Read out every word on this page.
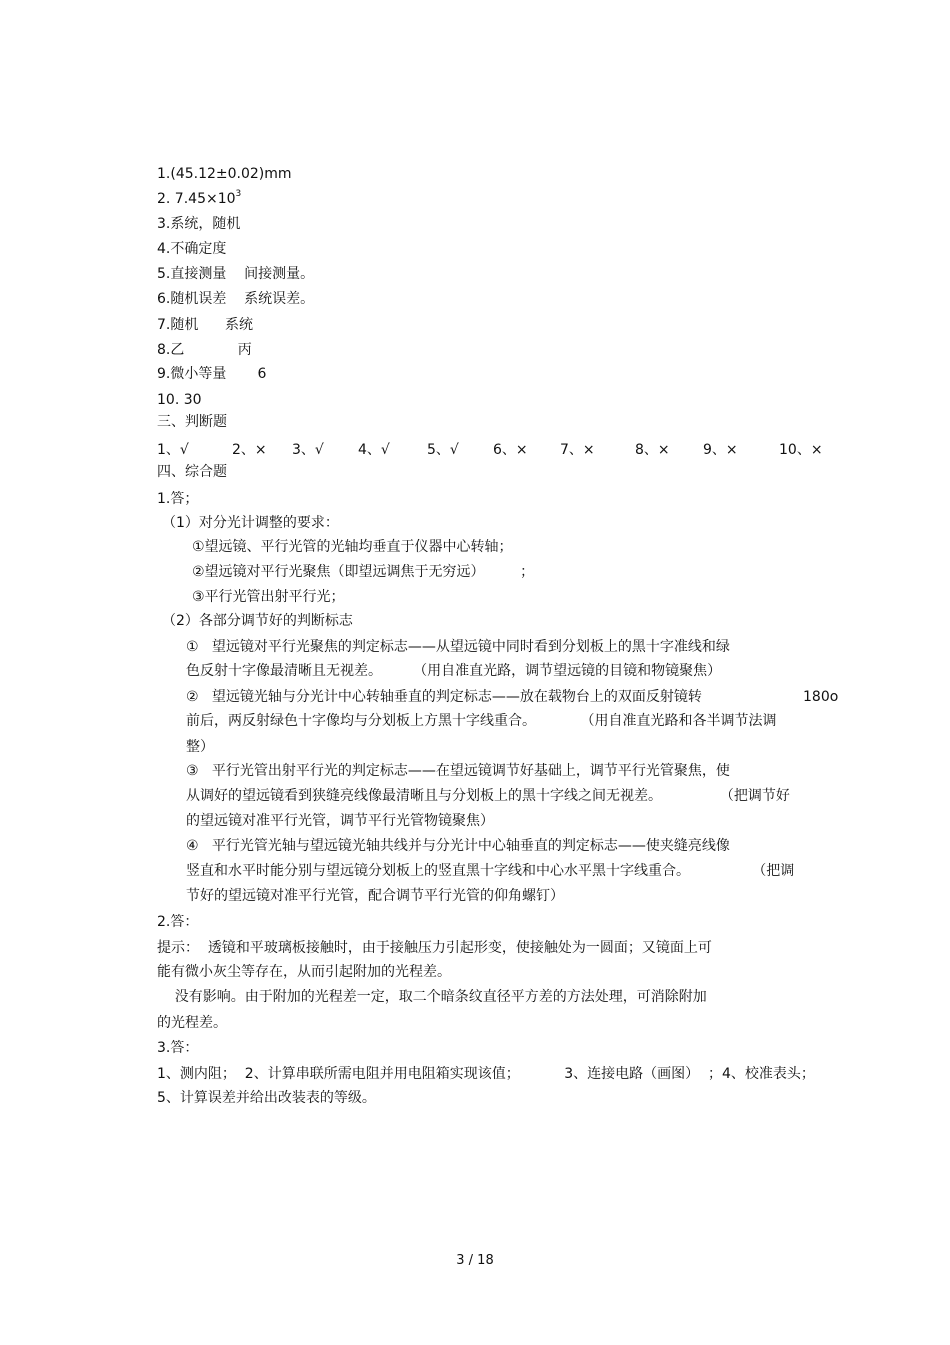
1.(45.12±0.02)mm
2. $7.45\times 10^3$
3.系统，随机
4.不确定度
5.直接测量    间接测量。
6.随机误差    系统误差。
7.随机      系统
8.乙            丙
9.微小等量       6
10. 30
三、判断题
1、√	2、× 3、√ 4、√	5、√ 6、× 7、×	8、× 9、×	10、×
四、综合题
1.答；
（1）对分光计调整的要求：
①望远镜、平行光管的光轴均垂直于仪器中心转轴；
②望远镜对平行光聚焦（即望远调焦于无穷远）        ；
③平行光管出射平行光；
（2）各部分调节好的判断标志
①   望远镜对平行光聚焦的判定标志——从望远镜中同时看到分划板上的黑十字准线和绿
色反射十字像最清晰且无视差。       （用自准直光路，调节望远镜的目镜和物镜聚焦）
②   望远镜光轴与分光计中心转轴垂直的判定标志——放在载物台上的双面反射镜转	180o
前后，两反射绿色十字像均与分划板上方黑十字线重合。          （用自准直光路和各半调节法调
整）
③   平行光管出射平行光的判定标志——在望远镜调节好基础上，调节平行光管聚焦，使
从调好的望远镜看到狭缝亮线像最清晰且与分划板上的黑十字线之间无视差。             （把调节好
的望远镜对准平行光管，调节平行光管物镜聚焦）
④   平行光管光轴与望远镜光轴共线并与分光计中心轴垂直的判定标志——使夹缝亮线像
竖直和水平时能分别与望远镜分划板上的竖直黑十字线和中心水平黑十字线重合。              （把调
节好的望远镜对准平行光管，配合调节平行光管的仰角螺钉）
2.答：
提示：  透镜和平玻璃板接触时，由于接触压力引起形变，使接触处为一圆面；又镜面上可
能有微小灰尘等存在，从而引起附加的光程差。
没有影响。由于附加的光程差一定，取二个暗条纹直径平方差的方法处理，可消除附加
的光程差。
3.答：
1、测内阻；  2、计算串联所需电阻并用电阻箱实现该值；          3、连接电路（画图）  ；4、校准表头；
5、计算误差并给出改装表的等级。
3 / 18
